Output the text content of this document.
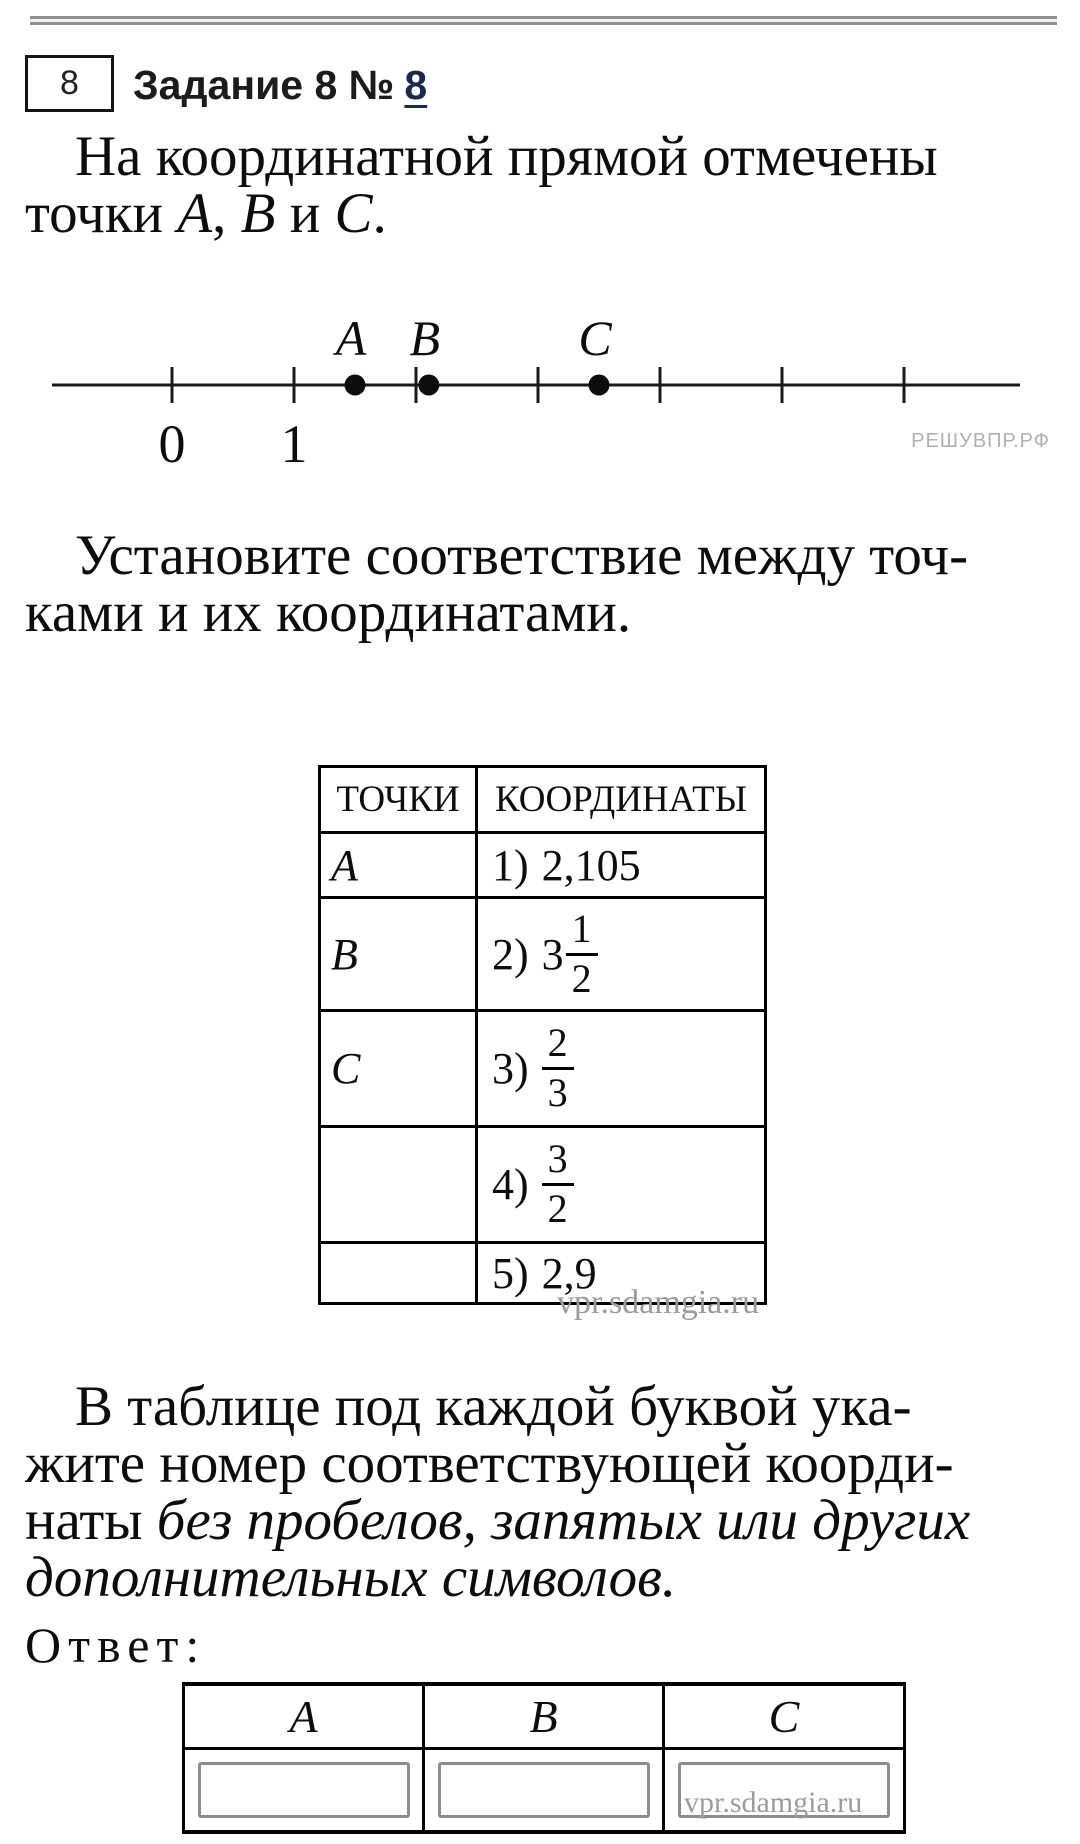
8 Задание 8 № 8
На координатной прямой отмечены
точки A, B и C.
0 1
A B	C
РЕШУВПР.РФ
Установите соответствие между точ-
ками и их координатами.
ТОЧКИ	КООРДИНАТЫ
A	1) 2,105

B	2) $3 \frac{1}{2}$

C	$3) \frac{2}{3}$

	$4) \frac{3}{2}$

	5) 2,9
vpr.sdamgia.ru
В таблице под каждой буквой ука-
жите номер соответствующей коорди-
наты без пробелов, запятых или других
дополнительных символов.
Ответ:
A	B	C

vpr.sdamgia.ru
